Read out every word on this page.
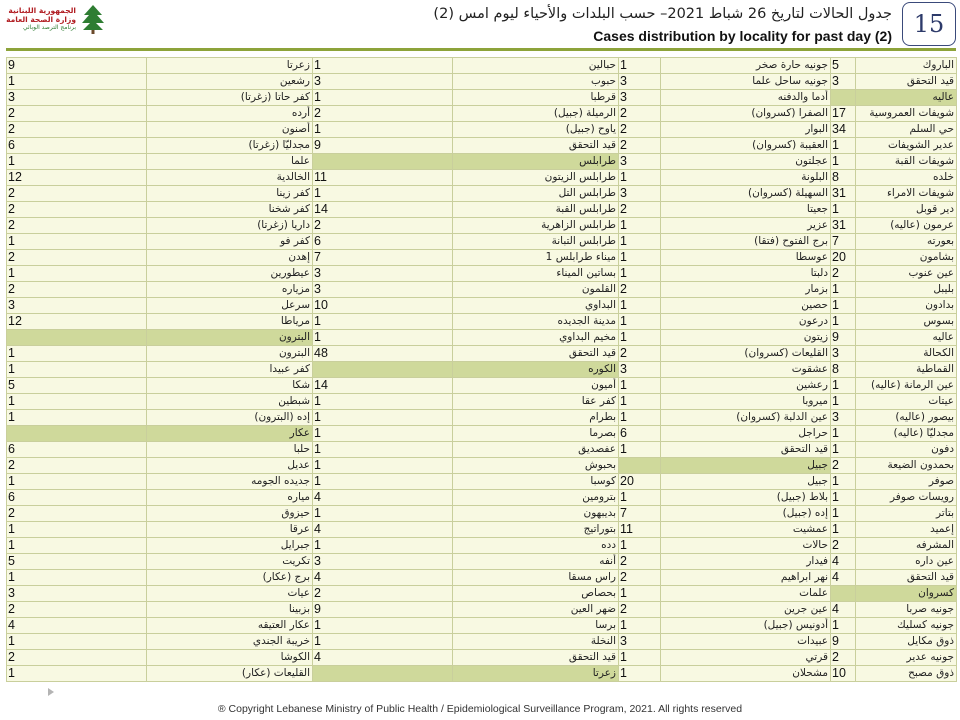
الجمهورية اللبنانية
وزارة الصحة العامة
برنامج الترصد الوبائي
جدول الحالات لتاريخ 26 شباط 2021– حسب البلدات والأحياء ليوم امس (2)
Cases distribution by locality for past day (2) 15
9	زعرتا	1	حبالين	1	جونيه حارة صخر	5	الباروك
1	رشعين	3	حبوب	3	جونيه ساحل علما	3	قيد التحقق
3	كفر حاتا (زغرتا)	1	قرطبا	3	أدما والدفنه		عاليه
2	أرده	2	الرميلة (جبيل)	2	الصفرا (كسروان)	17	شويفات العمروسية
2	أصنون	1	ياوح (جبيل)	2	البوار	34	حي السلم
6	مجدليّا (زغرتا)	9	قيد التحقق	2	العقيبة (كسروان)	1	عدير الشويفات
1	علما		طرابلس	3	عجلتون	1	شويفات القبة
12	الخالدية	11	طرابلس الزيتون	1	البلونة	8	خلده
2	كفر زينا	1	طرابلس التل	3	السهيلة (كسروان)	31	شويفات الامراء
2	كفر شخنا	14	طرابلس القبة	2	جعيتا	1	دير قوبل
2	داريا (زغرتا)	2	طرابلس الزاهرية	1	عزير	31	عرمون (عاليه)
1	كفر فو	6	طرابلس التبانة	1	برج الفتوح (فتقا)	7	بعورته
2	إهدن	7	ميناء طرابلس 1	1	عوسطا	20	بشامون
1	عيطورين	3	بساتين الميناء	1	دلبتا	2	عين عنوب
2	مزياره	3	القلمون	2	بزمار	1	بليبل
3	سرعل	10	البداوي	1	حصين	1	بدادون
12	مرياطا	1	مدينة الجديده	1	درعون	1	بسوس
	البترون	1	مخيم البداوي	1	زيتون	9	عاليه
1	البترون	48	قيد التحقق	2	القليعات (كسروان)	3	الكحالة
1	كفر عبيدا		الكوره	3	عشقوت	8	القماطية
5	شكا	14	أميون	1	رعشين	1	عين الرمانة (عاليه)
1	شبطين	1	كفر عقا	1	ميروبا	1	عيتات
1	إده (البترون)	1	بطرام	1	عين الدلبة (كسروان)	3	بيصور (عاليه)
	عكار	1	بصرما	6	حراجل	1	مجدليّا (عاليه)
6	حلبا	1	عفصديق	1	قيد التحقق	1	دفون
2	عديل	1	بحبوش		جبيل	2	بحمدون الضيعة
1	جديده الجومه	1	كوسبا	20	جبيل	1	صوفر
6	مياره	4	بترومين	1	بلاط (جبيل)	1	رويسات صوفر
2	حيزوق	1	بديبهون	7	إده (جبيل)	1	بتاتر
1	عرقا	4	بتوراتيج	11	عمشيت	1	إعميد
1	جبرايل	1	دده	1	حالات	2	المشرفه
5	تكريت	3	أنفه	2	فيدار	4	عين داره
1	برج (عكار)	4	راس مسقا	2	نهر ابراهيم	4	قيد التحقق
3	عيات	2	بحصاص	1	علمات		كسروان
2	بزبينا	9	ضهر العين	2	عين جرين	4	جونيه صربا
4	عكار العتيقه	1	برسا	1	أدونيس (جبيل)	1	جونيه كسليك
1	خريبة الجندي	1	النخلة	3	عبيدات	9	ذوق مكايل
2	الكوشا	4	قيد التحقق	1	قرتي	2	جونيه عدير
1	القليعات (عكار)		زعرتا	1	مشحلان	10	ذوق مصبح
® Copyright Lebanese Ministry of Public Health / Epidemiological Surveillance Program, 2021. All rights reserved
